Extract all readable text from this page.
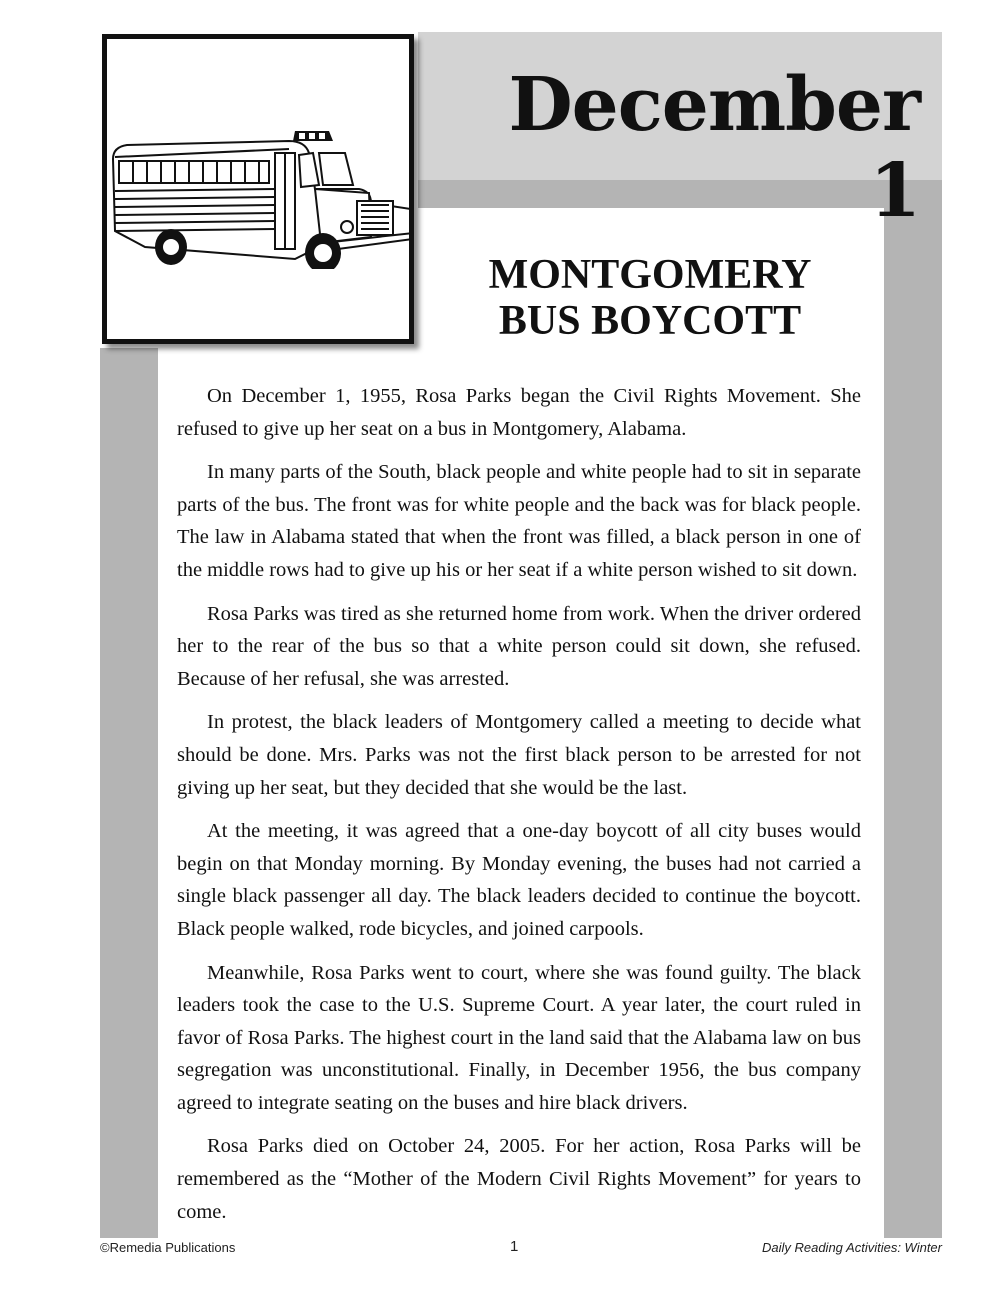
December 1
MONTGOMERY
BUS BOYCOTT

On December 1, 1955, Rosa Parks began the Civil Rights Movement. She refused to give up her seat on a bus in Montgomery, Alabama.

In many parts of the South, black people and white people had to sit in separate parts of the bus. The front was for white people and the back was for black people. The law in Alabama stated that when the front was filled, a black person in one of the middle rows had to give up his or her seat if a white person wished to sit down.

Rosa Parks was tired as she returned home from work. When the driver ordered her to the rear of the bus so that a white person could sit down, she refused. Because of her refusal, she was arrested.

In protest, the black leaders of Montgomery called a meeting to decide what should be done. Mrs. Parks was not the first black person to be arrested for not giving up her seat, but they decided that she would be the last.

At the meeting, it was agreed that a one-day boycott of all city buses would begin on that Monday morning. By Monday evening, the buses had not carried a single black passenger all day. The black leaders decided to continue the boycott. Black people walked, rode bicycles, and joined carpools.

Meanwhile, Rosa Parks went to court, where she was found guilty. The black leaders took the case to the U.S. Supreme Court. A year later, the court ruled in favor of Rosa Parks. The highest court in the land said that the Alabama law on bus segregation was unconstitutional. Finally, in December 1956, the bus company agreed to integrate seating on the buses and hire black drivers.

Rosa Parks died on October 24, 2005. For her action, Rosa Parks will be remembered as the “Mother of the Modern Civil Rights Movement” for years to come.

©Remedia Publications	1	Daily Reading Activities: Winter
